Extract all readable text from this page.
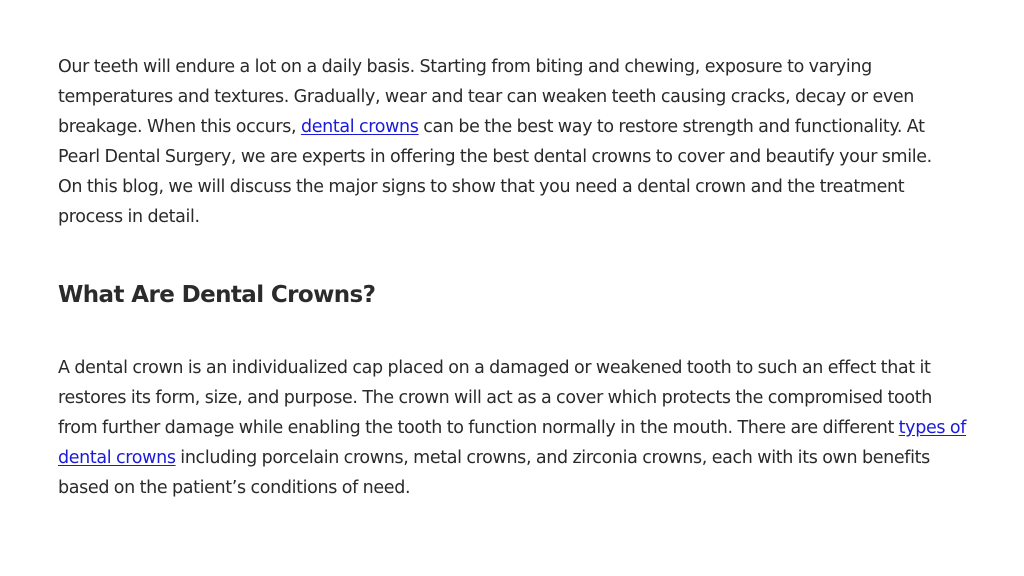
Our teeth will endure a lot on a daily basis. Starting from biting and chewing, exposure to varying temperatures and textures. Gradually, wear and tear can weaken teeth causing cracks, decay or even breakage. When this occurs, dental crowns can be the best way to restore strength and functionality. At Pearl Dental Surgery, we are experts in offering the best dental crowns to cover and beautify your smile.
On this blog, we will discuss the major signs to show that you need a dental crown and the treatment process in detail.

What Are Dental Crowns?

A dental crown is an individualized cap placed on a damaged or weakened tooth to such an effect that it restores its form, size, and purpose. The crown will act as a cover which protects the compromised tooth from further damage while enabling the tooth to function normally in the mouth. There are different types of dental crowns including porcelain crowns, metal crowns, and zirconia crowns, each with its own benefits based on the patient’s conditions of need.
